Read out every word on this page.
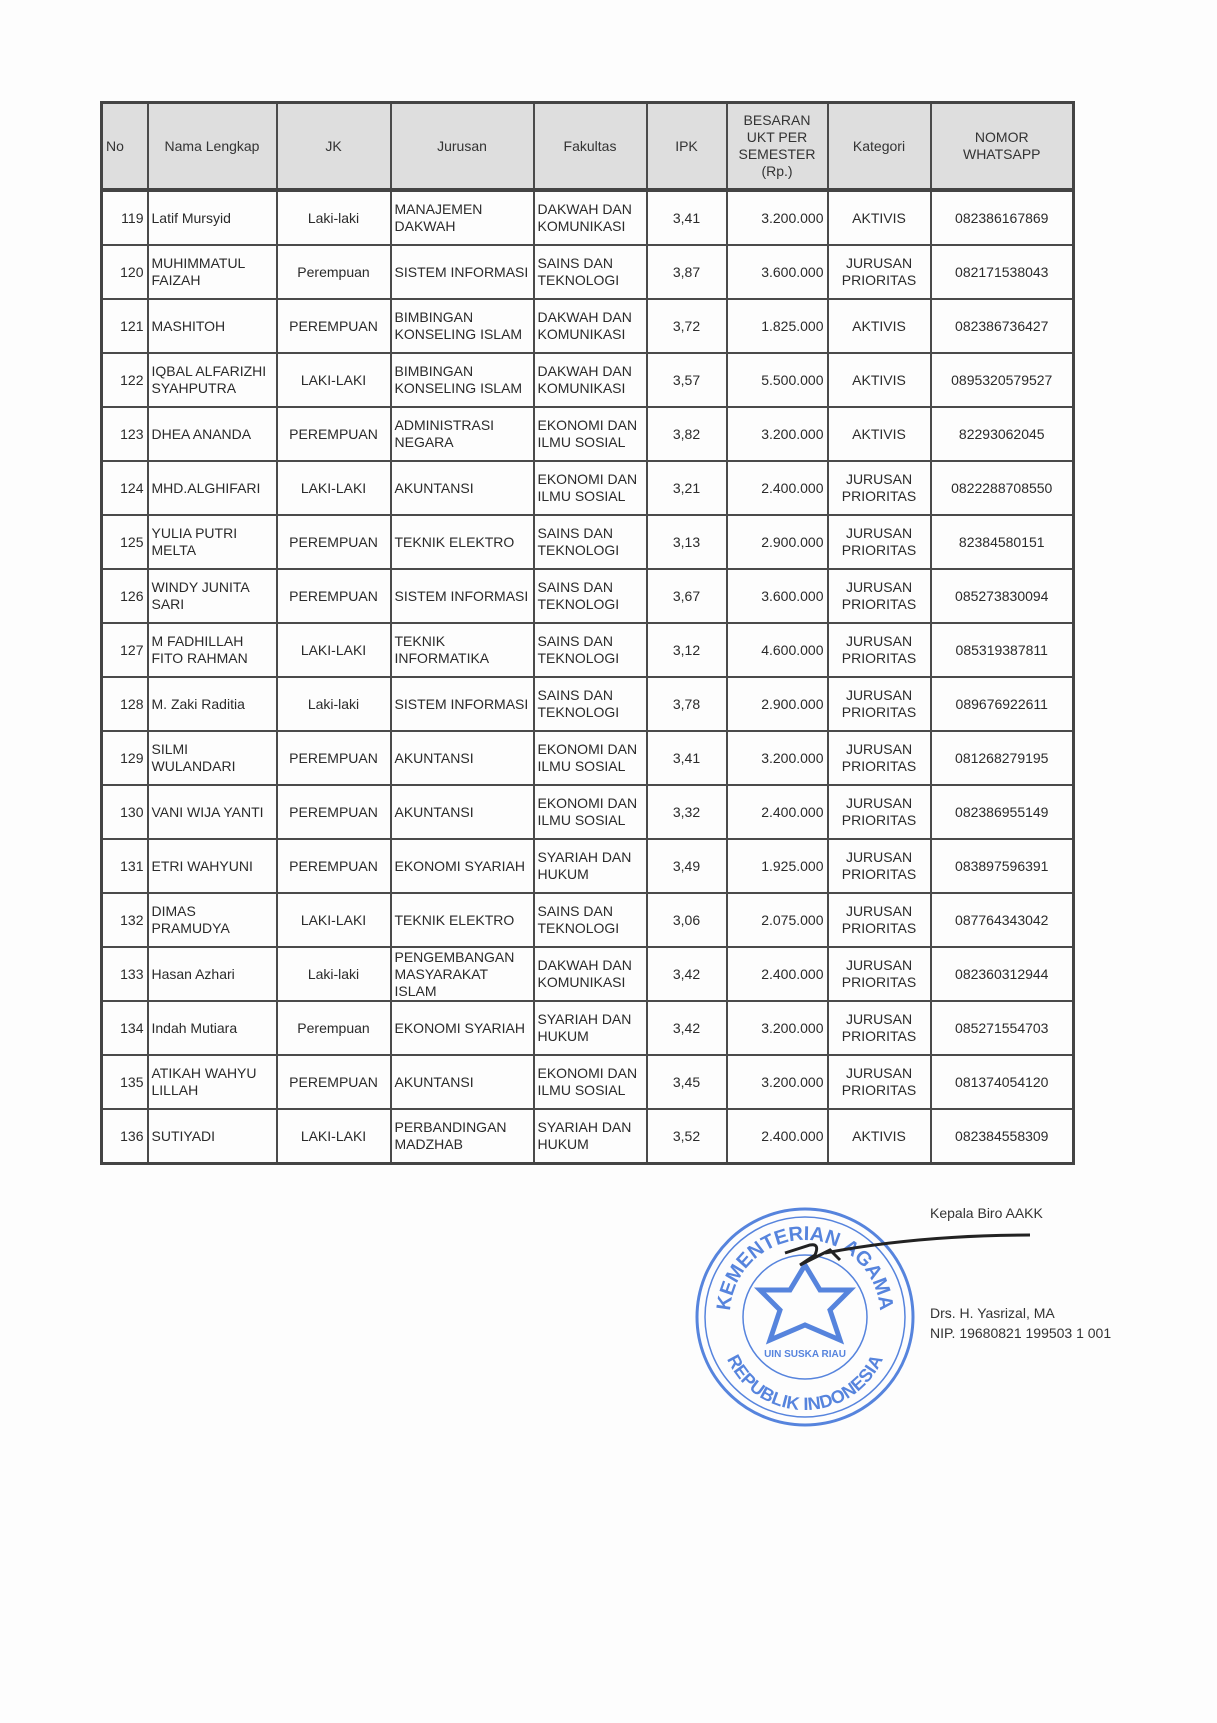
No	Nama Lengkap	JK	Jurusan	Fakultas	IPK	BESARAN UKT PER SEMESTER (Rp.)	Kategori	NOMOR WHATSAPP
119	Latif Mursyid	Laki-laki	MANAJEMEN DAKWAH	DAKWAH DAN KOMUNIKASI	3,41	3.200.000	AKTIVIS	082386167869
120	MUHIMMATUL FAIZAH	Perempuan	SISTEM INFORMASI	SAINS DAN TEKNOLOGI	3,87	3.600.000	JURUSAN PRIORITAS	082171538043
121	MASHITOH	PEREMPUAN	BIMBINGAN KONSELING ISLAM	DAKWAH DAN KOMUNIKASI	3,72	1.825.000	AKTIVIS	082386736427
122	IQBAL ALFARIZHI SYAHPUTRA	LAKI-LAKI	BIMBINGAN KONSELING ISLAM	DAKWAH DAN KOMUNIKASI	3,57	5.500.000	AKTIVIS	0895320579527
123	DHEA ANANDA	PEREMPUAN	ADMINISTRASI NEGARA	EKONOMI DAN ILMU SOSIAL	3,82	3.200.000	AKTIVIS	82293062045
124	MHD.ALGHIFARI	LAKI-LAKI	AKUNTANSI	EKONOMI DAN ILMU SOSIAL	3,21	2.400.000	JURUSAN PRIORITAS	0822288708550
125	YULIA PUTRI MELTA	PEREMPUAN	TEKNIK ELEKTRO	SAINS DAN TEKNOLOGI	3,13	2.900.000	JURUSAN PRIORITAS	82384580151
126	WINDY JUNITA SARI	PEREMPUAN	SISTEM INFORMASI	SAINS DAN TEKNOLOGI	3,67	3.600.000	JURUSAN PRIORITAS	085273830094
127	M FADHILLAH FITO RAHMAN	LAKI-LAKI	TEKNIK INFORMATIKA	SAINS DAN TEKNOLOGI	3,12	4.600.000	JURUSAN PRIORITAS	085319387811
128	M. Zaki Raditia	Laki-laki	SISTEM INFORMASI	SAINS DAN TEKNOLOGI	3,78	2.900.000	JURUSAN PRIORITAS	089676922611
129	SILMI WULANDARI	PEREMPUAN	AKUNTANSI	EKONOMI DAN ILMU SOSIAL	3,41	3.200.000	JURUSAN PRIORITAS	081268279195
130	VANI WIJA YANTI	PEREMPUAN	AKUNTANSI	EKONOMI DAN ILMU SOSIAL	3,32	2.400.000	JURUSAN PRIORITAS	082386955149
131	ETRI WAHYUNI	PEREMPUAN	EKONOMI SYARIAH	SYARIAH DAN HUKUM	3,49	1.925.000	JURUSAN PRIORITAS	083897596391
132	DIMAS PRAMUDYA	LAKI-LAKI	TEKNIK ELEKTRO	SAINS DAN TEKNOLOGI	3,06	2.075.000	JURUSAN PRIORITAS	087764343042
133	Hasan Azhari	Laki-laki	PENGEMBANGAN MASYARAKAT ISLAM	DAKWAH DAN KOMUNIKASI	3,42	2.400.000	JURUSAN PRIORITAS	082360312944
134	Indah Mutiara	Perempuan	EKONOMI SYARIAH	SYARIAH DAN HUKUM	3,42	3.200.000	JURUSAN PRIORITAS	085271554703
135	ATIKAH WAHYU LILLAH	PEREMPUAN	AKUNTANSI	EKONOMI DAN ILMU SOSIAL	3,45	3.200.000	JURUSAN PRIORITAS	081374054120
136	SUTIYADI	LAKI-LAKI	PERBANDINGAN MADZHAB	SYARIAH DAN HUKUM	3,52	2.400.000	AKTIVIS	082384558309
KEMENTERIAN AGAMA
REPUBLIK INDONESIA
UIN SUSKA RIAU
Kepala Biro AAKK
Drs. H. Yasrizal, MA
NIP. 19680821 199503 1 001
